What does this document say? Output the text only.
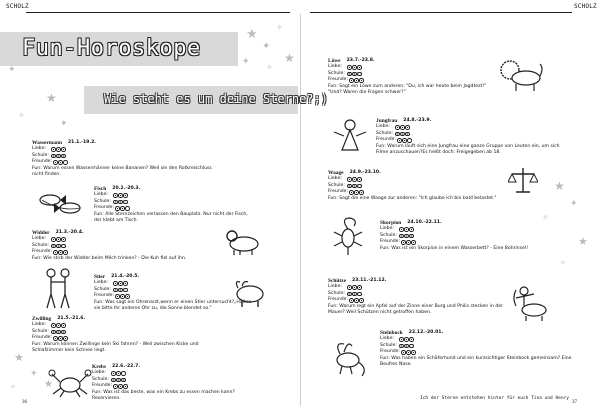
SCHOLZ	SCHOLZ
Fun-Horoskope
Wie steht es um deine Sterne?;)
★
✦
✧
✦	★
✧
✦
★
✧
✦
★
✦
✧	★
★
✦
✧
★
✧
Wassermann 21.1.-19.2.
Liebe:
Schule:
Freunde:
Fun: Warum essen Wassermänner keine Bananen? Weil sie den Rotkreischluss nicht finden.
Fisch 20.2.-20.3.
Liebe:
Schule:
Freunde:
Fun: Alle Sternzeichen verlassen den Bauplatz. Nur nicht der Fisch, der klebt am Tisch.
Widder 21.3.-20.4.
Liebe:
Schule:
Freunde:
Fun: Wie stirb der Widder beim Milch trinken? - Die Kuh fiel auf ihn.
Stier 21.4.-20.5.
Liebe:
Schule:
Freunde:
Fun: Was sagt ein Ohrenarzt,wenn er einen Stier untersucht?„Halten sie bitte Ihr anderes Ohr zu, die Sonne blendet so."
Zwilling 21.5.-21.6.
Liebe:
Schule:
Freunde:
Fun: Warum können Zwillinge kein Ski fahren? - Weil zwischen Kicke und Schlafzimmer kein Schnee liegt.
Krebs 22.6.-22.7.
Liebe:
Schule:
Freunde:
Fun: Was ist das beste, was ein Krebs zu essen machen kann? Reservieren.
Löwe 23.7.-23.8.
Liebe:
Schule:
Freunde:
Fun: Sagt ein Löwe zum anderen: "Du, ich war heute beim Jagdtest!" "Und? Waren die Fragen schwer?"
Jungfrau 24.8.-23.9.
Liebe:
Schule:
Freunde:
Fun: Warum läuft sich eine Jungfrau eine ganze Gruppe von Leuten ein, um sich Filme anzuschauen?Es heißt doch: Freigegeben ab 18.
Waage 24.9.-23.10.
Liebe:
Schule:
Freunde:
Fun: Sagt die eine Waage zur anderen: "Ich glaube ich bin bald belastet."
Skorpion 24.10.-22.11.
Liebe:
Schule:
Freunde:
Fun: Was ist ein Skorpion in einem Wasserbett? - Eine Bohrinsel!
Schütze 23.11.-21.12.
Liebe:
Schule:
Freunde:
Fun: Warum legt ein Apfel auf der Zinne einer Burg und Philis stecken in der Mauer? Weil Schützen nicht getroffen haben.
Steinbock 22.12.-20.01.
Liebe:
Schule:
Freunde:
Fun: Was haben ein Schäferhund und ein kurzsichtiger Steinbock gemeinsam? Eine Beufres Nase.
Ich der Sterne entstehen hinter für euch Tina und Henry
36	37
